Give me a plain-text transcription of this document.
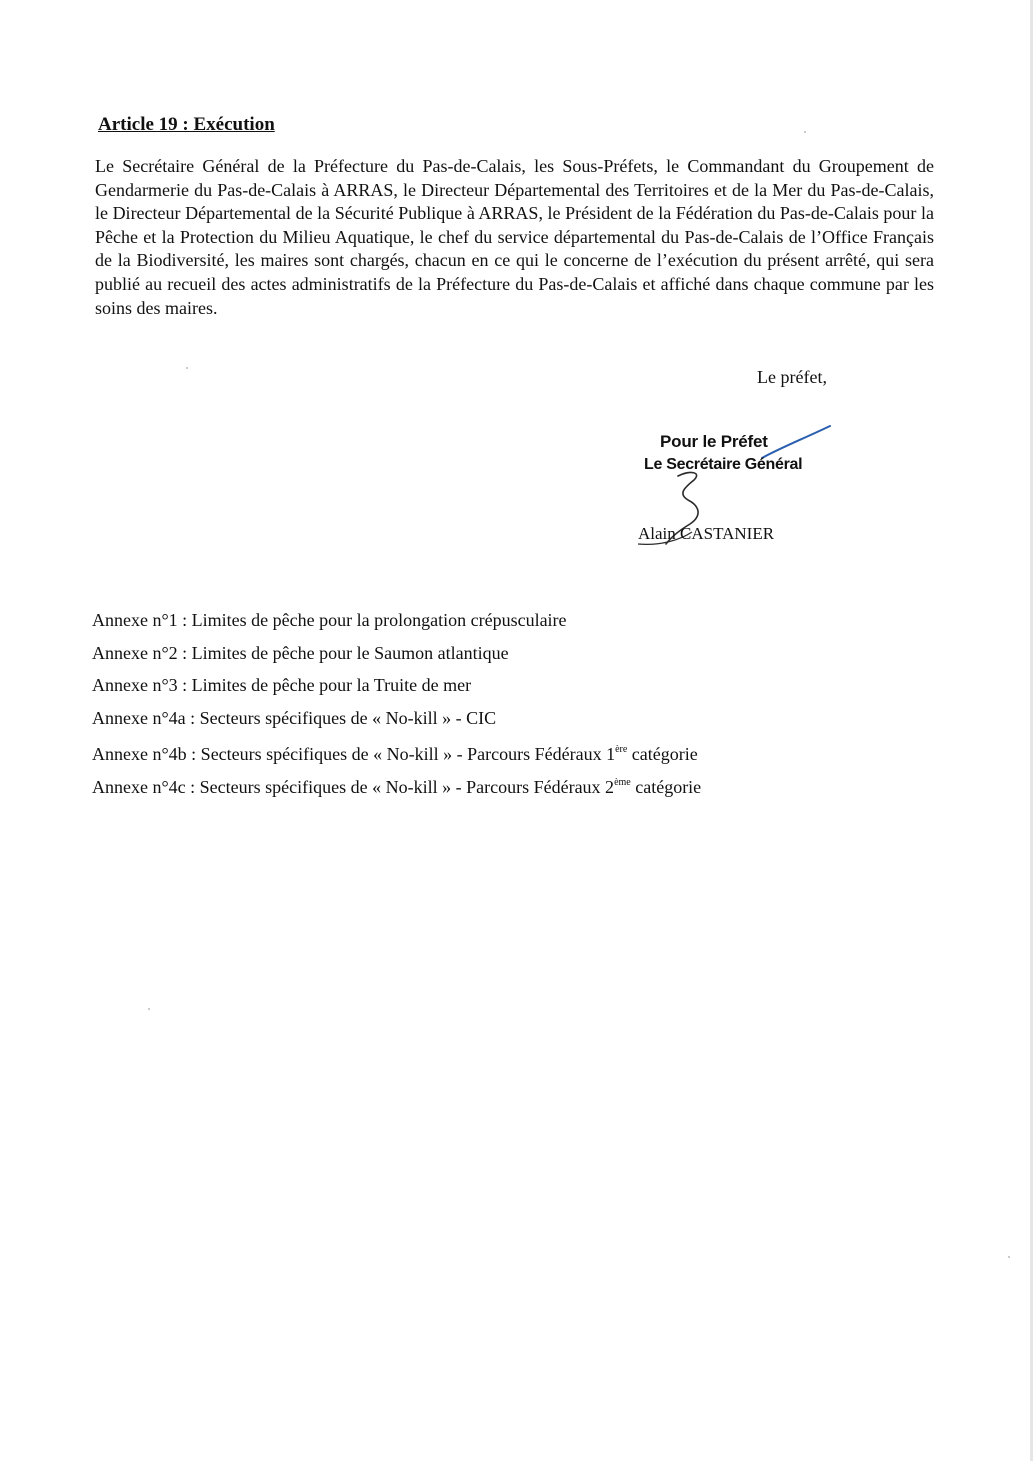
Article 19 : Exécution

Le Secrétaire Général de la Préfecture du Pas-de-Calais, les Sous-Préfets, le Commandant du Groupement de Gendarmerie du Pas-de-Calais à ARRAS, le Directeur Départemental des Territoires et de la Mer du Pas-de-Calais, le Directeur Départemental de la Sécurité Publique à ARRAS, le Président de la Fédération du Pas-de-Calais pour la Pêche et la Protection du Milieu Aquatique, le chef du service départemental du Pas-de-Calais de l’Office Français de la Biodiversité, les maires sont chargés, chacun en ce qui le concerne de l’exécution du présent arrêté, qui sera publié au recueil des actes administratifs de la Préfecture du Pas-de-Calais et affiché dans chaque commune par les soins des maires.

Le préfet,
Pour le Préfet
Le Secrétaire Général
Alain CASTANIER
Annexe n°1 : Limites de pêche pour la prolongation crépusculaire
Annexe n°2 : Limites de pêche pour le Saumon atlantique
Annexe n°3 : Limites de pêche pour la Truite de mer
Annexe n°4a : Secteurs spécifiques de « No-kill » - CIC
Annexe n°4b : Secteurs spécifiques de « No-kill » - Parcours Fédéraux 1ère catégorie
Annexe n°4c : Secteurs spécifiques de « No-kill » - Parcours Fédéraux 2ème catégorie
